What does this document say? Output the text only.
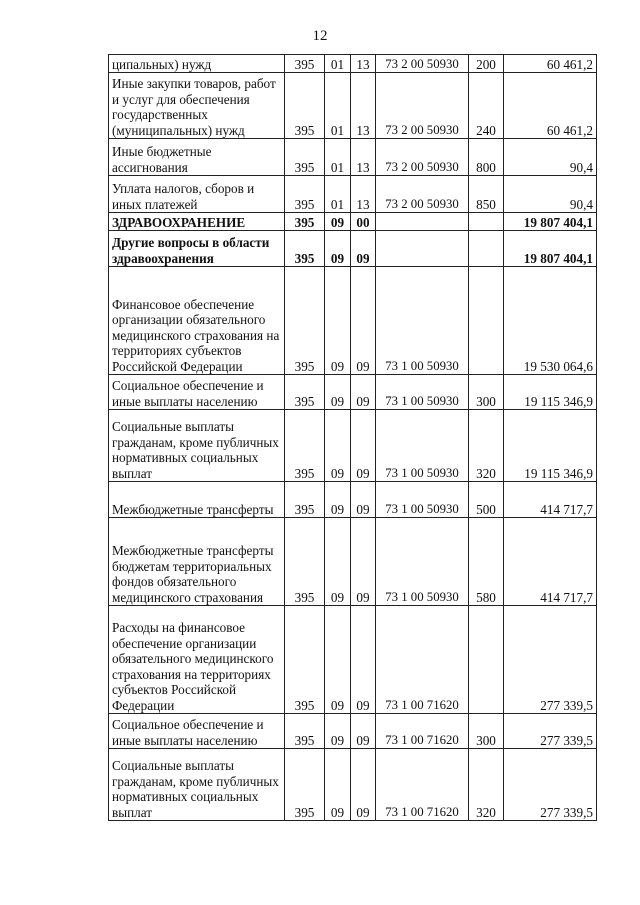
12
ципальных) нужд	395	01	13	73 2 00 50930	200	60 461,2
Иные закупки товаров, работ и услуг для обеспечения государственных (муниципальных) нужд	395	01	13	73 2 00 50930	240	60 461,2
Иные бюджетные ассигнования	395	01	13	73 2 00 50930	800	90,4
Уплата налогов, сборов и иных платежей	395	01	13	73 2 00 50930	850	90,4
ЗДРАВООХРАНЕНИЕ	395	09	00			19 807 404,1
Другие вопросы в области здравоохранения	395	09	09			19 807 404,1
Финансовое обеспечение организации обязательного медицинского страхования на территориях субъектов Российской Федерации	395	09	09	73 1 00 50930		19 530 064,6
Социальное обеспечение и иные выплаты населению	395	09	09	73 1 00 50930	300	19 115 346,9
Социальные выплаты гражданам, кроме публичных нормативных социальных выплат	395	09	09	73 1 00 50930	320	19 115 346,9
Межбюджетные трансферты	395	09	09	73 1 00 50930	500	414 717,7
Межбюджетные трансферты бюджетам территориальных фондов обязательного медицинского страхования	395	09	09	73 1 00 50930	580	414 717,7
Расходы на финансовое обеспечение организации обязательного медицинского страхования на территориях субъектов Российской Федерации	395	09	09	73 1 00 71620		277 339,5
Социальное обеспечение и иные выплаты населению	395	09	09	73 1 00 71620	300	277 339,5
Социальные выплаты гражданам, кроме публичных нормативных социальных выплат	395	09	09	73 1 00 71620	320	277 339,5
